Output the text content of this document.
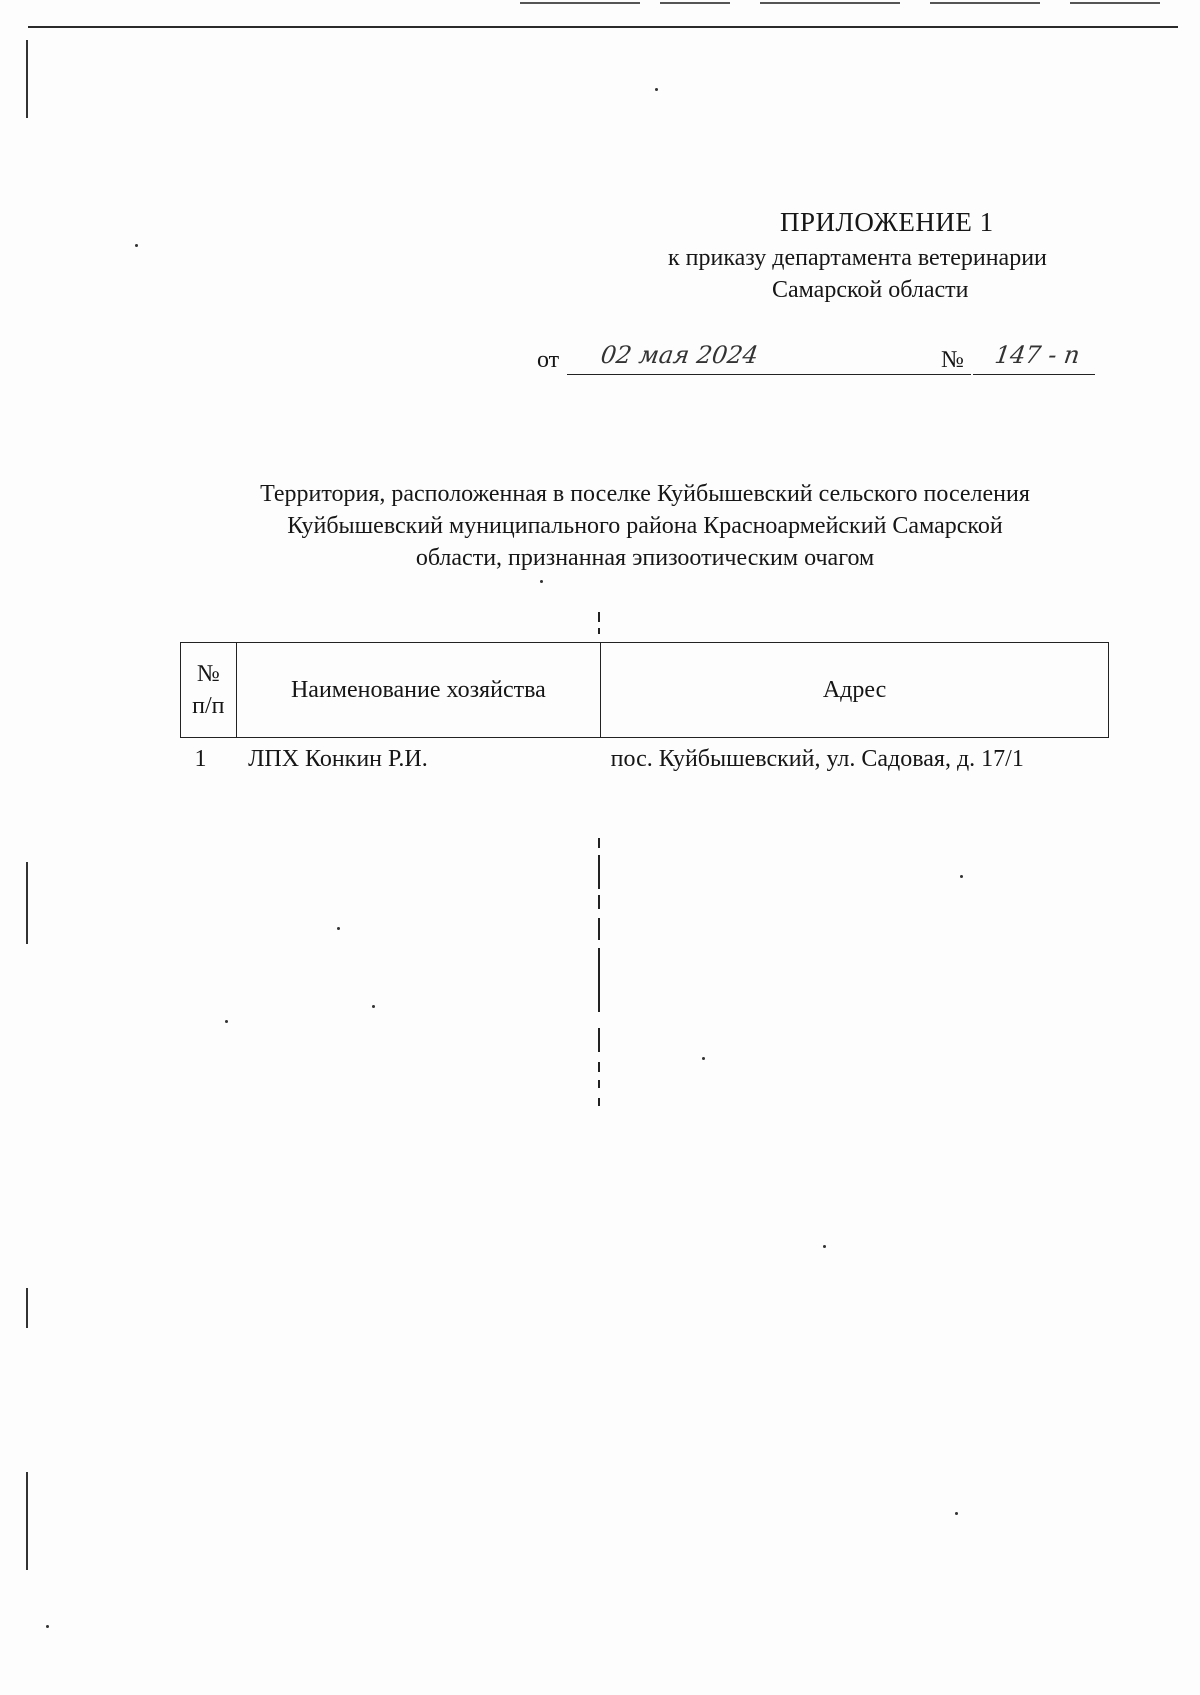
ПРИЛОЖЕНИЕ 1
к приказу департамента ветеринарии
Самарской области
от 02 мая 2024	№ 147 - п
Территория, расположенная в поселке Куйбышевский сельского поселения
Куйбышевский муниципального района Красноармейский Самарской
области, признанная эпизоотическим очагом
№
п/п	Наименование хозяйства	Адрес
1	ЛПХ Конкин Р.И.	пос. Куйбышевский, ул. Садовая, д. 17/1
